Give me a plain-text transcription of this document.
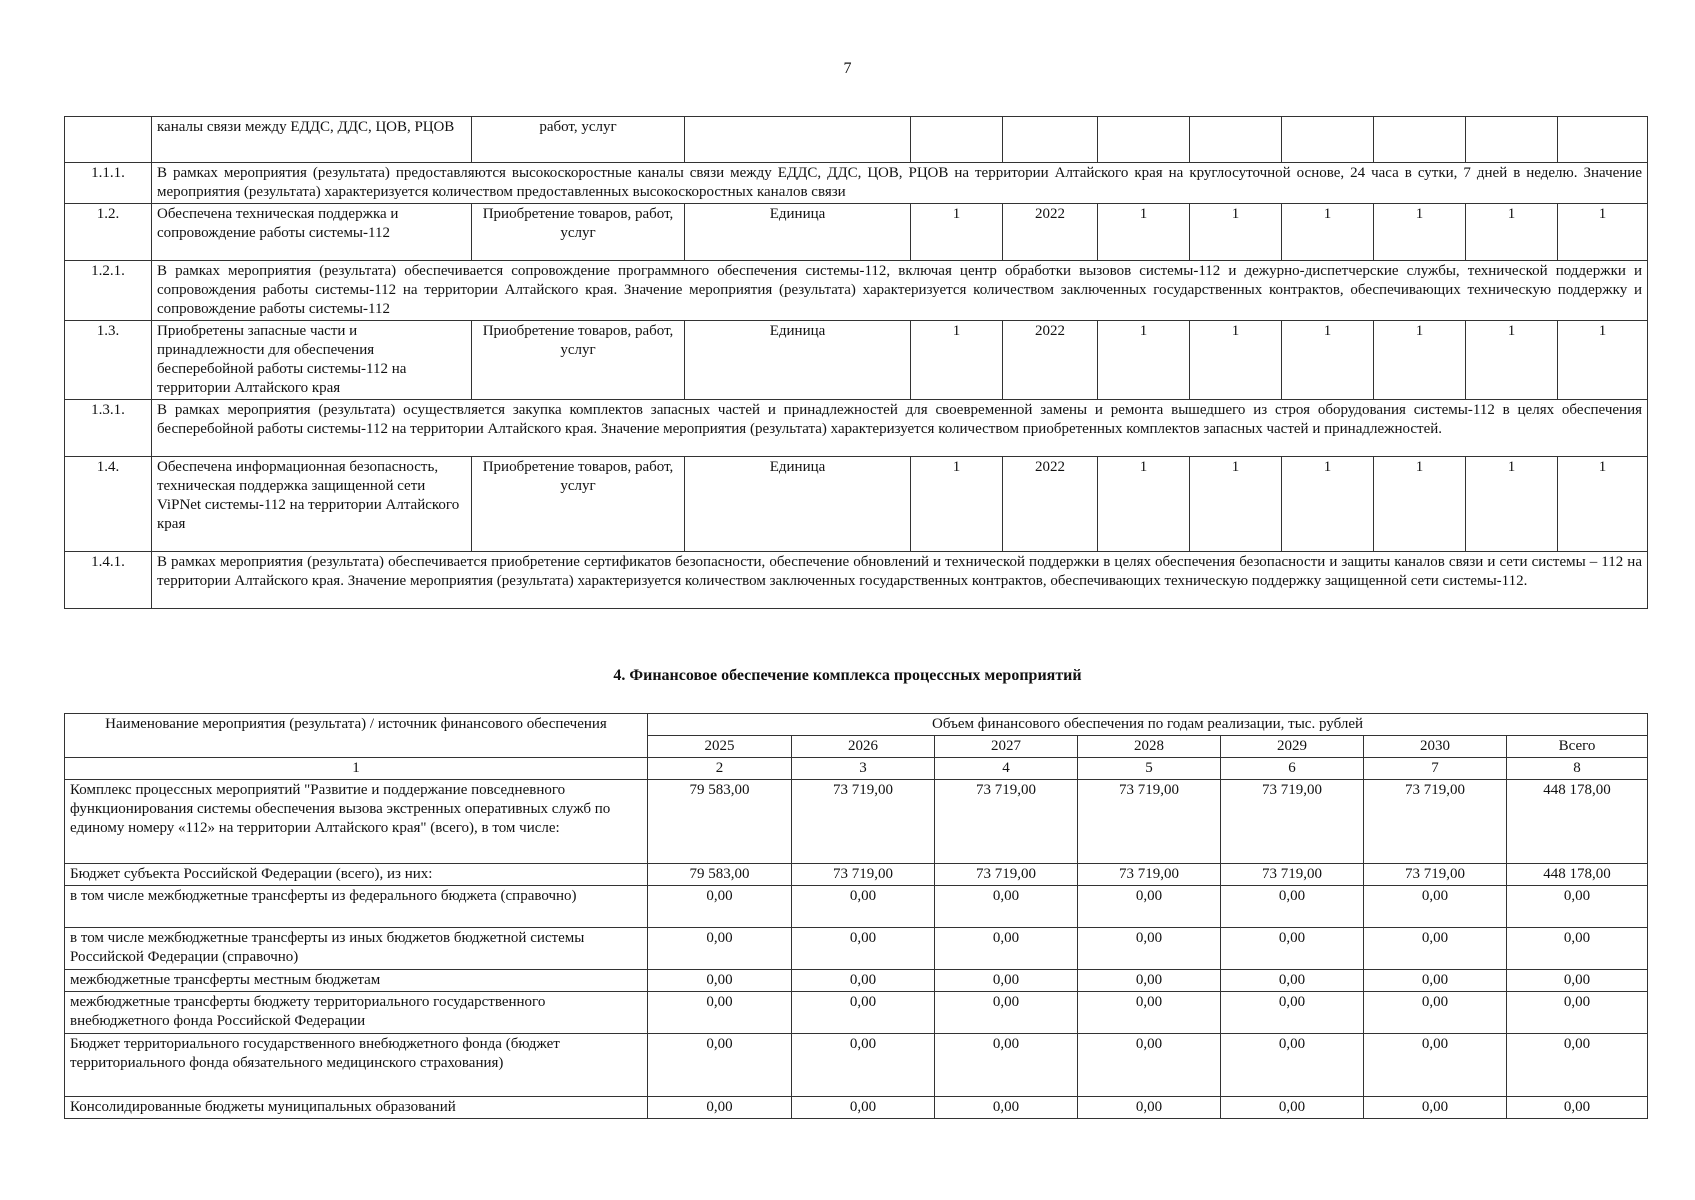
7
	каналы связи между ЕДДС, ДДС, ЦОВ, РЦОВ	работ, услуг									
1.1.1.	В рамках мероприятия (результата) предоставляются высокоскоростные каналы связи между ЕДДС, ДДС, ЦОВ, РЦОВ на территории Алтайского края на круглосуточной основе, 24 часа в сутки, 7 дней в неделю. Значение мероприятия (результата) характеризуется количеством предоставленных высокоскоростных каналов связи										
1.2.	Обеспечена техническая поддержка и сопровождение работы системы-112	Приобретение товаров, работ, услуг	Единица	1	2022	1	1	1	1	1	1
1.2.1.	В рамках мероприятия (результата) обеспечивается сопровождение программного обеспечения системы-112, включая центр обработки вызовов системы-112 и дежурно-диспетчерские службы, технической поддержки и сопровождения работы системы-112 на территории Алтайского края. Значение мероприятия (результата) характеризуется количеством заключенных государственных контрактов, обеспечивающих техническую поддержку и сопровождение работы системы-112										
1.3.	Приобретены запасные части и принадлежности для обеспечения бесперебойной работы системы-112 на территории Алтайского края	Приобретение товаров, работ, услуг	Единица	1	2022	1	1	1	1	1	1
1.3.1.	В рамках мероприятия (результата) осуществляется закупка комплектов запасных частей и принадлежностей для своевременной замены и ремонта вышедшего из строя оборудования системы-112 в целях обеспечения бесперебойной работы системы-112 на территории Алтайского края. Значение мероприятия (результата) характеризуется количеством приобретенных комплектов запасных частей и принадлежностей.										
1.4.	Обеспечена информационная безопасность, техническая поддержка защищенной сети ViPNet системы-112 на территории Алтайского края	Приобретение товаров, работ, услуг	Единица	1	2022	1	1	1	1	1	1
1.4.1.	В рамках мероприятия (результата) обеспечивается приобретение сертификатов безопасности, обеспечение обновлений и технической поддержки в целях обеспечения безопасности и защиты каналов связи и сети системы – 112 на территории Алтайского края. Значение мероприятия (результата) характеризуется количеством заключенных государственных контрактов, обеспечивающих техническую поддержку защищенной сети системы-112.										
4. Финансовое обеспечение комплекса процессных мероприятий
Наименование мероприятия (результата) / источник финансового обеспечения	Объем финансового обеспечения по годам реализации, тыс. рублей						
	2025	2026	2027	2028	2029	2030	Всего
1	2	3	4	5	6	7	8
Комплекс процессных мероприятий "Развитие и поддержание повседневного функционирования системы обеспечения вызова экстренных оперативных служб по единому номеру «112» на территории Алтайского края" (всего), в том числе:	79 583,00	73 719,00	73 719,00	73 719,00	73 719,00	73 719,00	448 178,00
Бюджет субъекта Российской Федерации (всего), из них:	79 583,00	73 719,00	73 719,00	73 719,00	73 719,00	73 719,00	448 178,00
в том числе межбюджетные трансферты из федерального бюджета (справочно)	0,00	0,00	0,00	0,00	0,00	0,00	0,00
в том числе межбюджетные трансферты из иных бюджетов бюджетной системы Российской Федерации (справочно)	0,00	0,00	0,00	0,00	0,00	0,00	0,00
межбюджетные трансферты местным бюджетам	0,00	0,00	0,00	0,00	0,00	0,00	0,00
межбюджетные трансферты бюджету территориального государственного внебюджетного фонда Российской Федерации	0,00	0,00	0,00	0,00	0,00	0,00	0,00
Бюджет территориального государственного внебюджетного фонда (бюджет территориального фонда обязательного медицинского страхования)	0,00	0,00	0,00	0,00	0,00	0,00	0,00
Консолидированные бюджеты муниципальных образований	0,00	0,00	0,00	0,00	0,00	0,00	0,00
